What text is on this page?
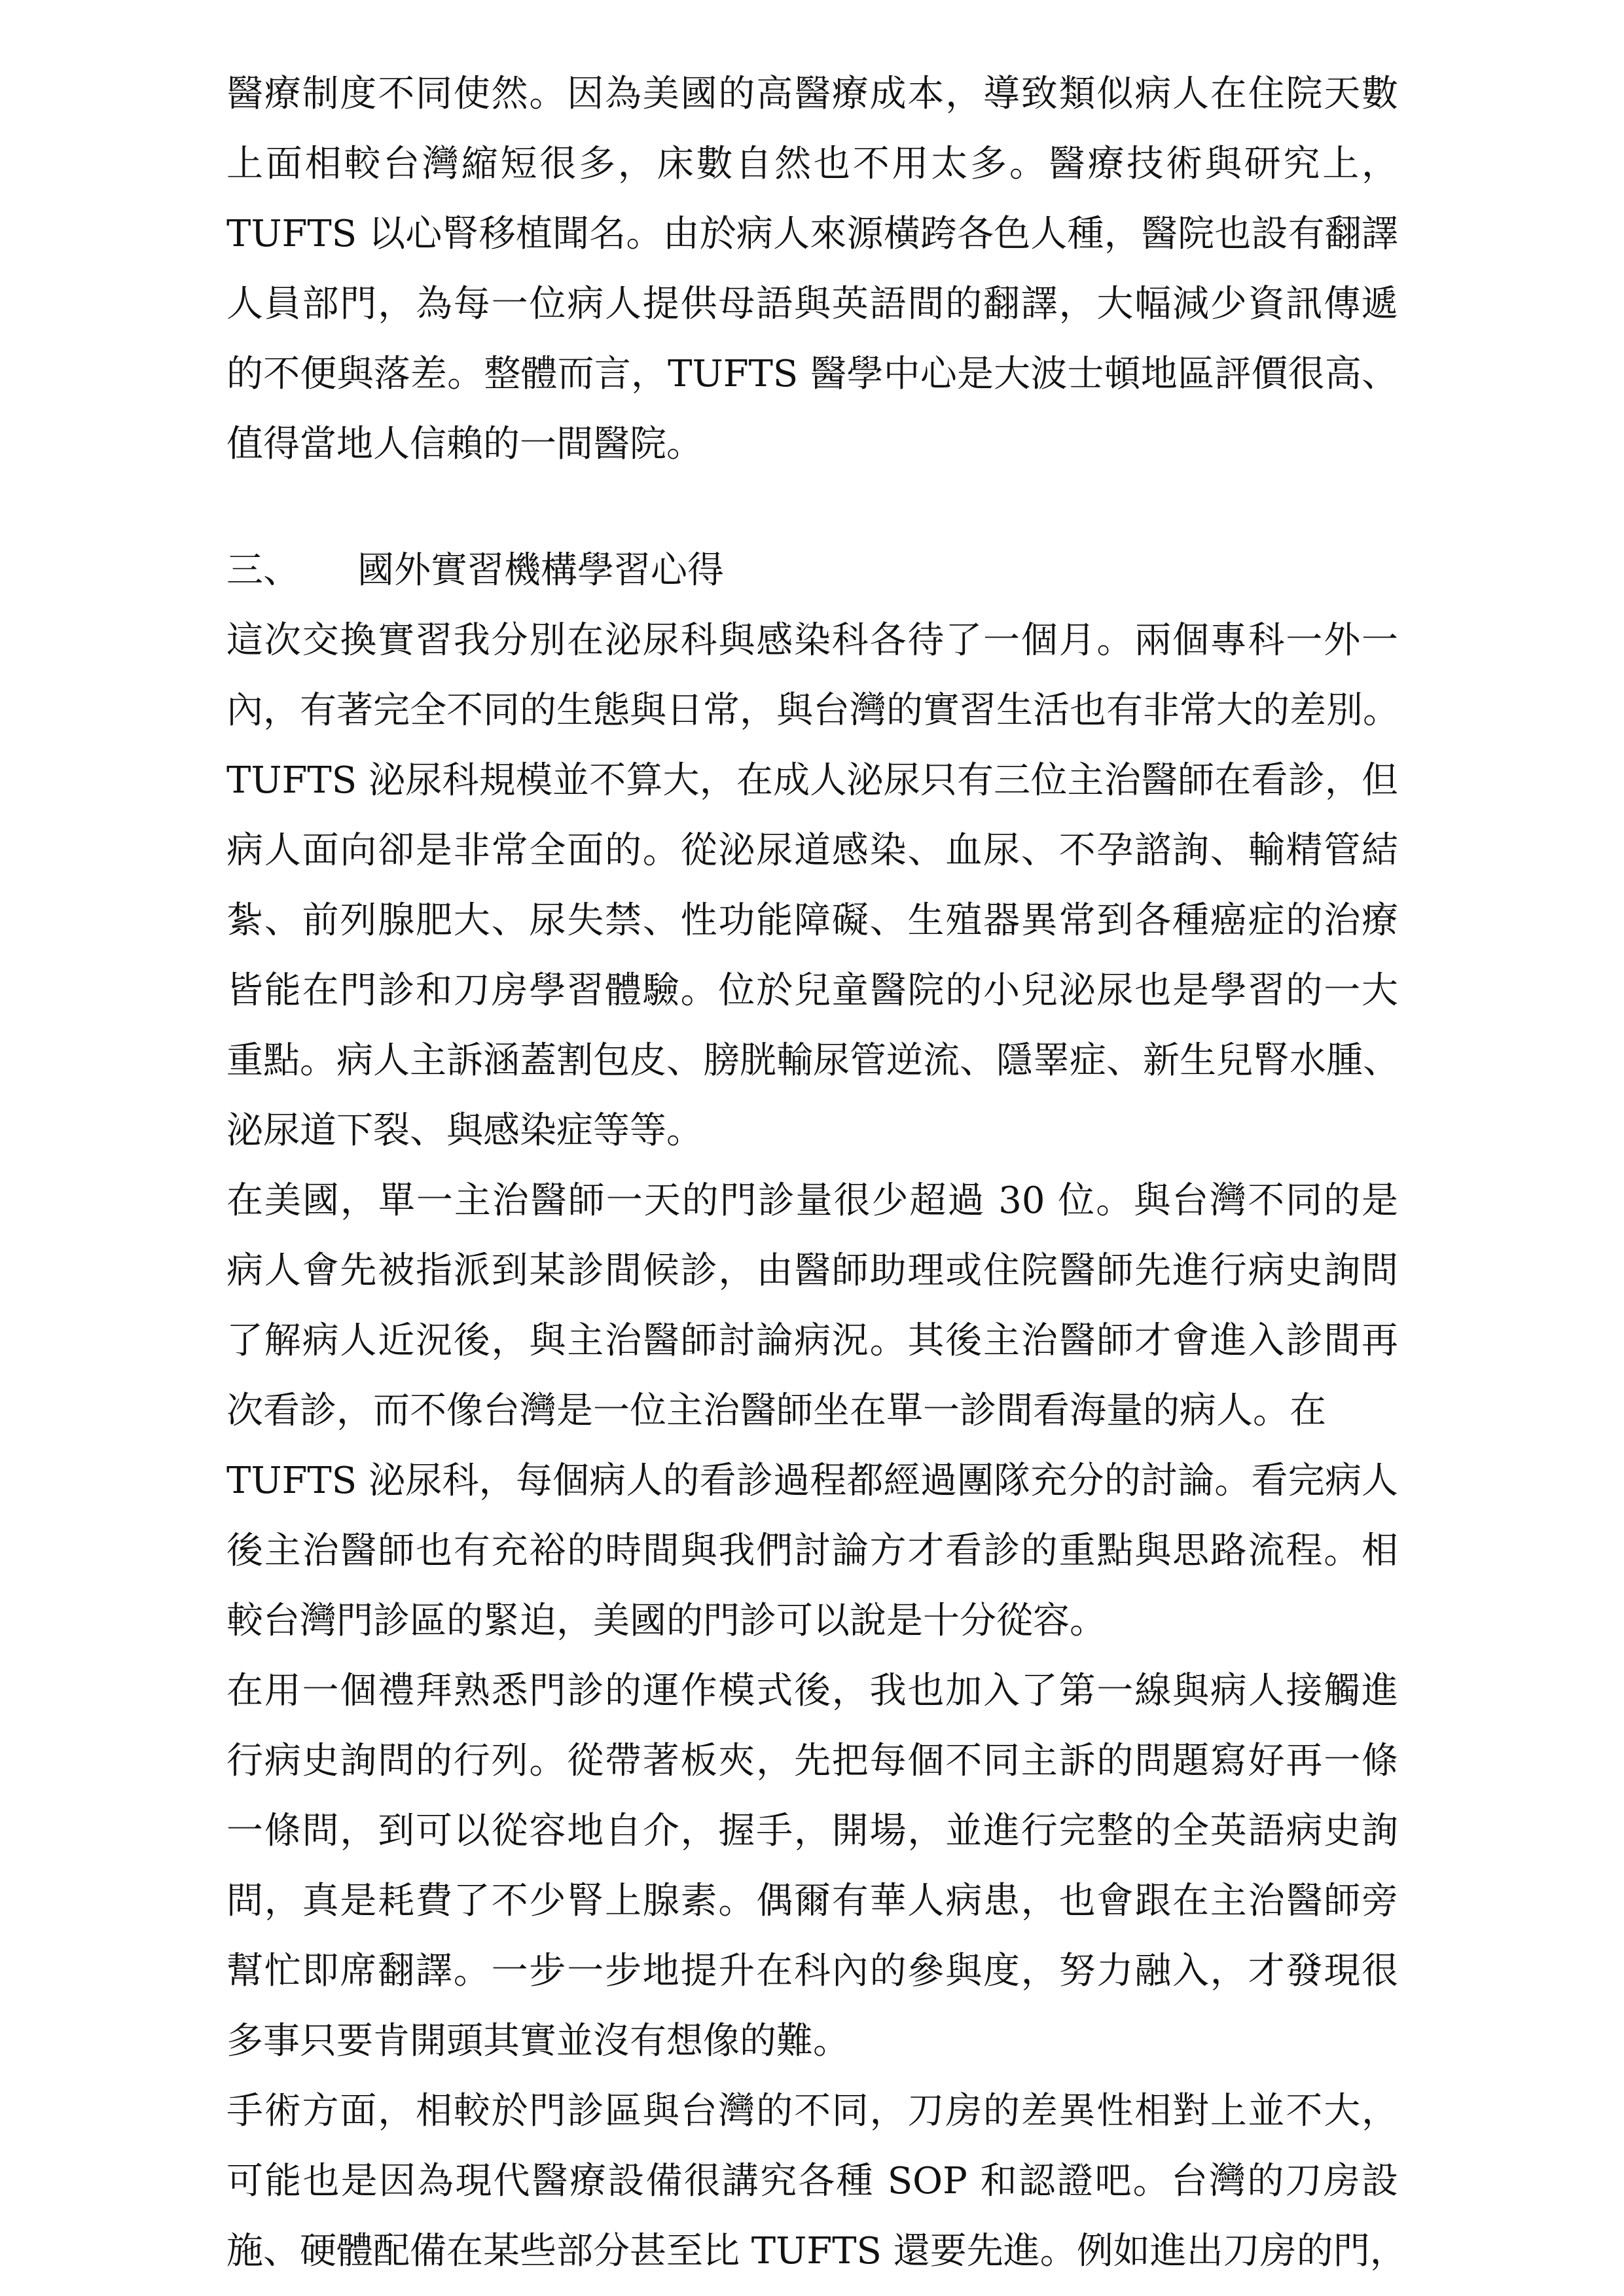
醫療制度不同使然。因為美國的高醫療成本，導致類似病人在住院天數
上面相較台灣縮短很多，床數自然也不用太多。醫療技術與研究上，
TUFTS 以心腎移植聞名。由於病人來源橫跨各色人種，醫院也設有翻譯
人員部門，為每一位病人提供母語與英語間的翻譯，大幅減少資訊傳遞
的不便與落差。整體而言，TUFTS 醫學中心是大波士頓地區評價很高、
值得當地人信賴的一間醫院。
三、	國外實習機構學習心得
這次交換實習我分別在泌尿科與感染科各待了一個月。兩個專科一外一
內，有著完全不同的生態與日常，與台灣的實習生活也有非常大的差別。
TUFTS 泌尿科規模並不算大，在成人泌尿只有三位主治醫師在看診，但
病人面向卻是非常全面的。從泌尿道感染、血尿、不孕諮詢、輸精管結
紮、前列腺肥大、尿失禁、性功能障礙、生殖器異常到各種癌症的治療
皆能在門診和刀房學習體驗。位於兒童醫院的小兒泌尿也是學習的一大
重點。病人主訴涵蓋割包皮、膀胱輸尿管逆流、隱睪症、新生兒腎水腫、
泌尿道下裂、與感染症等等。
在美國，單一主治醫師一天的門診量很少超過 30 位。與台灣不同的是
病人會先被指派到某診間候診，由醫師助理或住院醫師先進行病史詢問
了解病人近況後，與主治醫師討論病況。其後主治醫師才會進入診間再
次看診，而不像台灣是一位主治醫師坐在單一診間看海量的病人。在
TUFTS 泌尿科，每個病人的看診過程都經過團隊充分的討論。看完病人
後主治醫師也有充裕的時間與我們討論方才看診的重點與思路流程。相
較台灣門診區的緊迫，美國的門診可以說是十分從容。
在用一個禮拜熟悉門診的運作模式後，我也加入了第一線與病人接觸進
行病史詢問的行列。從帶著板夾，先把每個不同主訴的問題寫好再一條
一條問，到可以從容地自介，握手，開場，並進行完整的全英語病史詢
問，真是耗費了不少腎上腺素。偶爾有華人病患，也會跟在主治醫師旁
幫忙即席翻譯。一步一步地提升在科內的參與度，努力融入，才發現很
多事只要肯開頭其實並沒有想像的難。
手術方面，相較於門診區與台灣的不同，刀房的差異性相對上並不大，
可能也是因為現代醫療設備很講究各種 SOP 和認證吧。台灣的刀房設
施、硬體配備在某些部分甚至比 TUFTS 還要先進。例如進出刀房的門，
